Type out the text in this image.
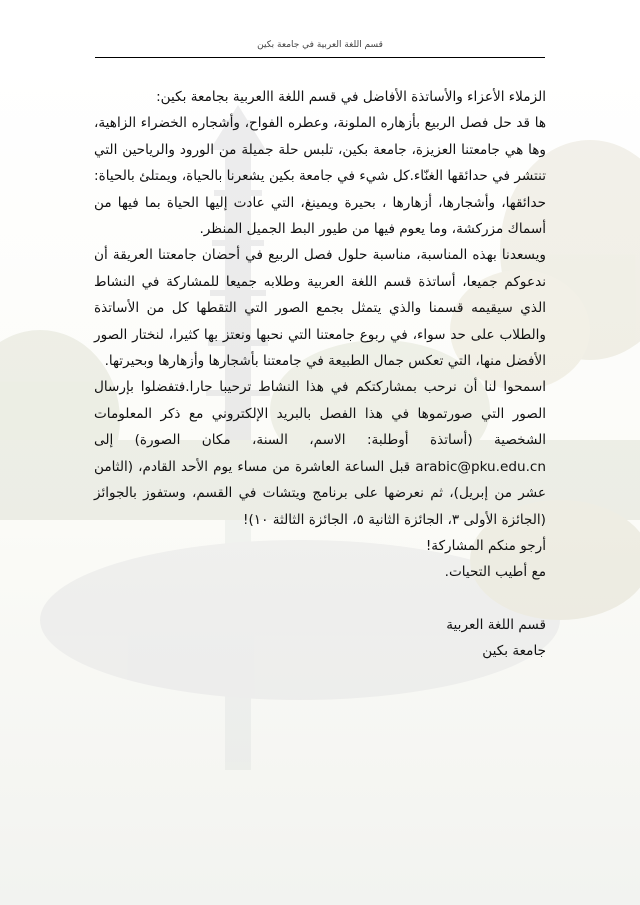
قسم اللغة العربية في جامعة بكين

الزملاء الأعزاء والأساتذة الأفاضل في قسم اللغة االعربية بجامعة بكين:

ها قد حل فصل الربيع بأزهاره الملونة، وعطره الفواح، وأشجاره الخضراء الزاهية، وها هي جامعتنا العزيزة، جامعة بكين، تلبس حلة جميلة من الورود والرياحين التي تنتشر في حدائقها الغنّاء.كل شيء في جامعة بكين يشعرنا بالحياة، ويمتلئ بالحياة: حدائقها، وأشجارها، أزهارها ، بحيرة ويمينغ، التي عادت إليها الحياة بما فيها من أسماك مزركشة، وما يعوم فيها من طيور البط الجميل المنظر.

ويسعدنا بهذه المناسبة، مناسبة حلول فصل الربيع في أحضان جامعتنا العريقة أن ندعوكم جميعا، أساتذة قسم اللغة العربية وطلابه جميعا للمشاركة في النشاط الذي سيقيمه قسمنا والذي يتمثل بجمع الصور التي التقطها كل من الأساتذة والطلاب على حد سواء، في ربوع جامعتنا التي نحبها ونعتز بها كثيرا، لنختار الصور الأفضل منها، التي تعكس جمال الطبيعة في جامعتنا بأشجارها وأزهارها وبحيرتها.

اسمحوا لنا أن نرحب بمشاركتكم في هذا النشاط ترحيبا حارا.فتفضلوا بإرسال الصور التي صورتموها في هذا الفصل بالبريد الإلكتروني مع ذكر المعلومات الشخصية (أساتذة أوطلبة: الاسم، السنة، مكان الصورة) إلى arabic@pku.edu.cn قبل الساعة العاشرة من مساء يوم الأحد القادم، (الثامن عشر من إبريل)، ثم نعرضها على برنامج ويتشات في القسم، وستفوز بالجوائز (الجائزة الأولى ٣، الجائزة الثانية ٥، الجائزة الثالثة ١٠)!

أرجو منكم المشاركة!

مع أطيب التحيات.

قسم اللغة العربية

جامعة بكين
